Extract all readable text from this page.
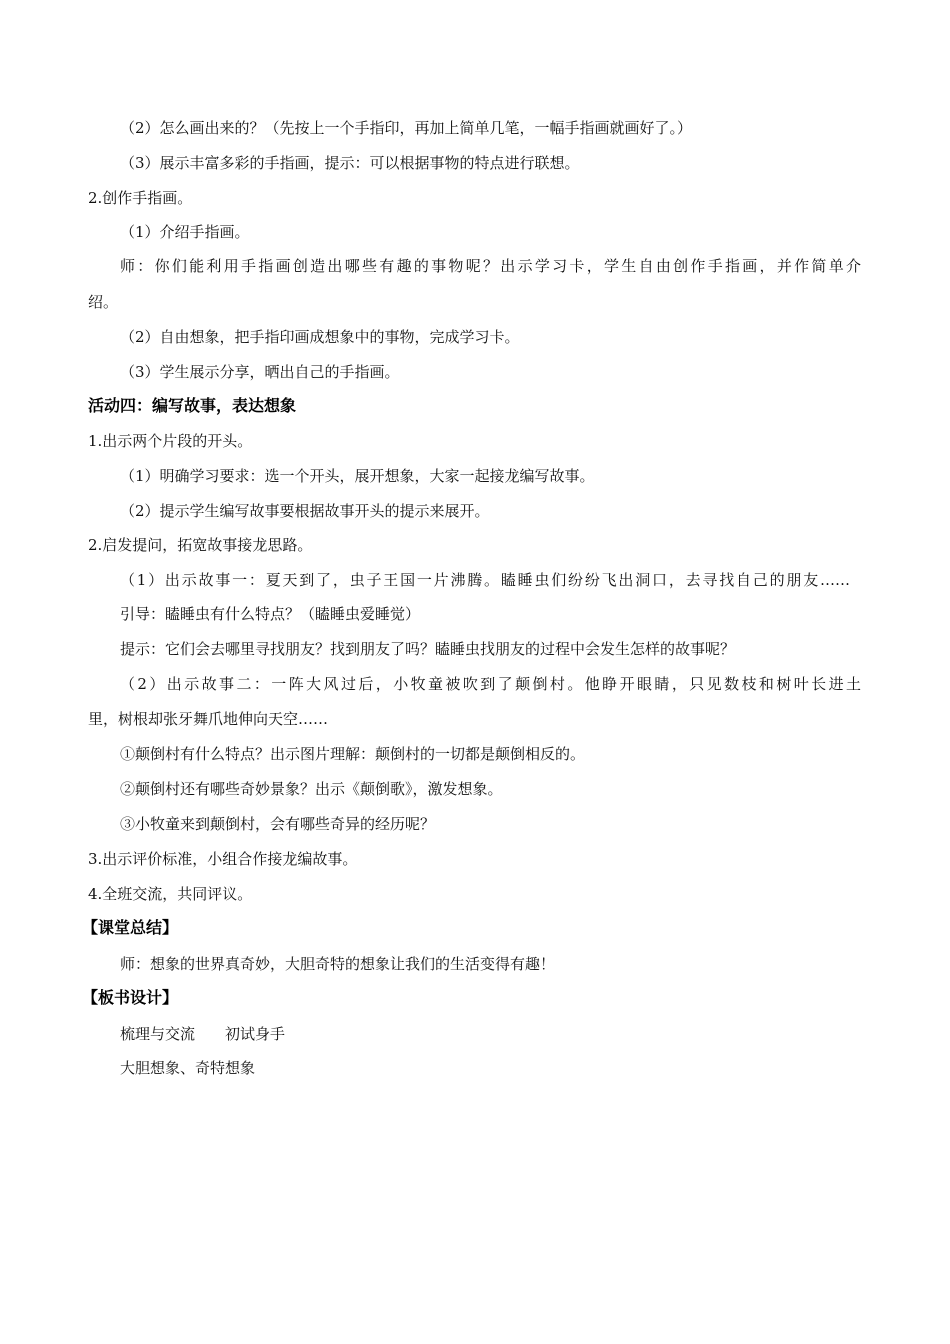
（2）怎么画出来的？（先按上一个手指印，再加上简单几笔，一幅手指画就画好了。）
（3）展示丰富多彩的手指画，提示：可以根据事物的特点进行联想。
2.创作手指画。
（1）介绍手指画。
师：你们能利用手指画创造出哪些有趣的事物呢？出示学习卡，学生自由创作手指画，并作简单介
绍。
（2）自由想象，把手指印画成想象中的事物，完成学习卡。
（3）学生展示分享，晒出自己的手指画。
活动四：编写故事，表达想象
1.出示两个片段的开头。
（1）明确学习要求：选一个开头，展开想象，大家一起接龙编写故事。
（2）提示学生编写故事要根据故事开头的提示来展开。
2.启发提问，拓宽故事接龙思路。
（1）出示故事一：夏天到了，虫子王国一片沸腾。瞌睡虫们纷纷飞出洞口，去寻找自己的朋友……
引导：瞌睡虫有什么特点？（瞌睡虫爱睡觉）
提示：它们会去哪里寻找朋友？找到朋友了吗？瞌睡虫找朋友的过程中会发生怎样的故事呢？
（2）出示故事二：一阵大风过后，小牧童被吹到了颠倒村。他睁开眼睛，只见数枝和树叶长进土
里，树根却张牙舞爪地伸向天空……
①颠倒村有什么特点？出示图片理解：颠倒村的一切都是颠倒相反的。
②颠倒村还有哪些奇妙景象？出示《颠倒歌》，激发想象。
③小牧童来到颠倒村，会有哪些奇异的经历呢？
3.出示评价标准，小组合作接龙编故事。
4.全班交流，共同评议。
【课堂总结】
师：想象的世界真奇妙，大胆奇特的想象让我们的生活变得有趣！
【板书设计】
梳理与交流　　初试身手
大胆想象、奇特想象
